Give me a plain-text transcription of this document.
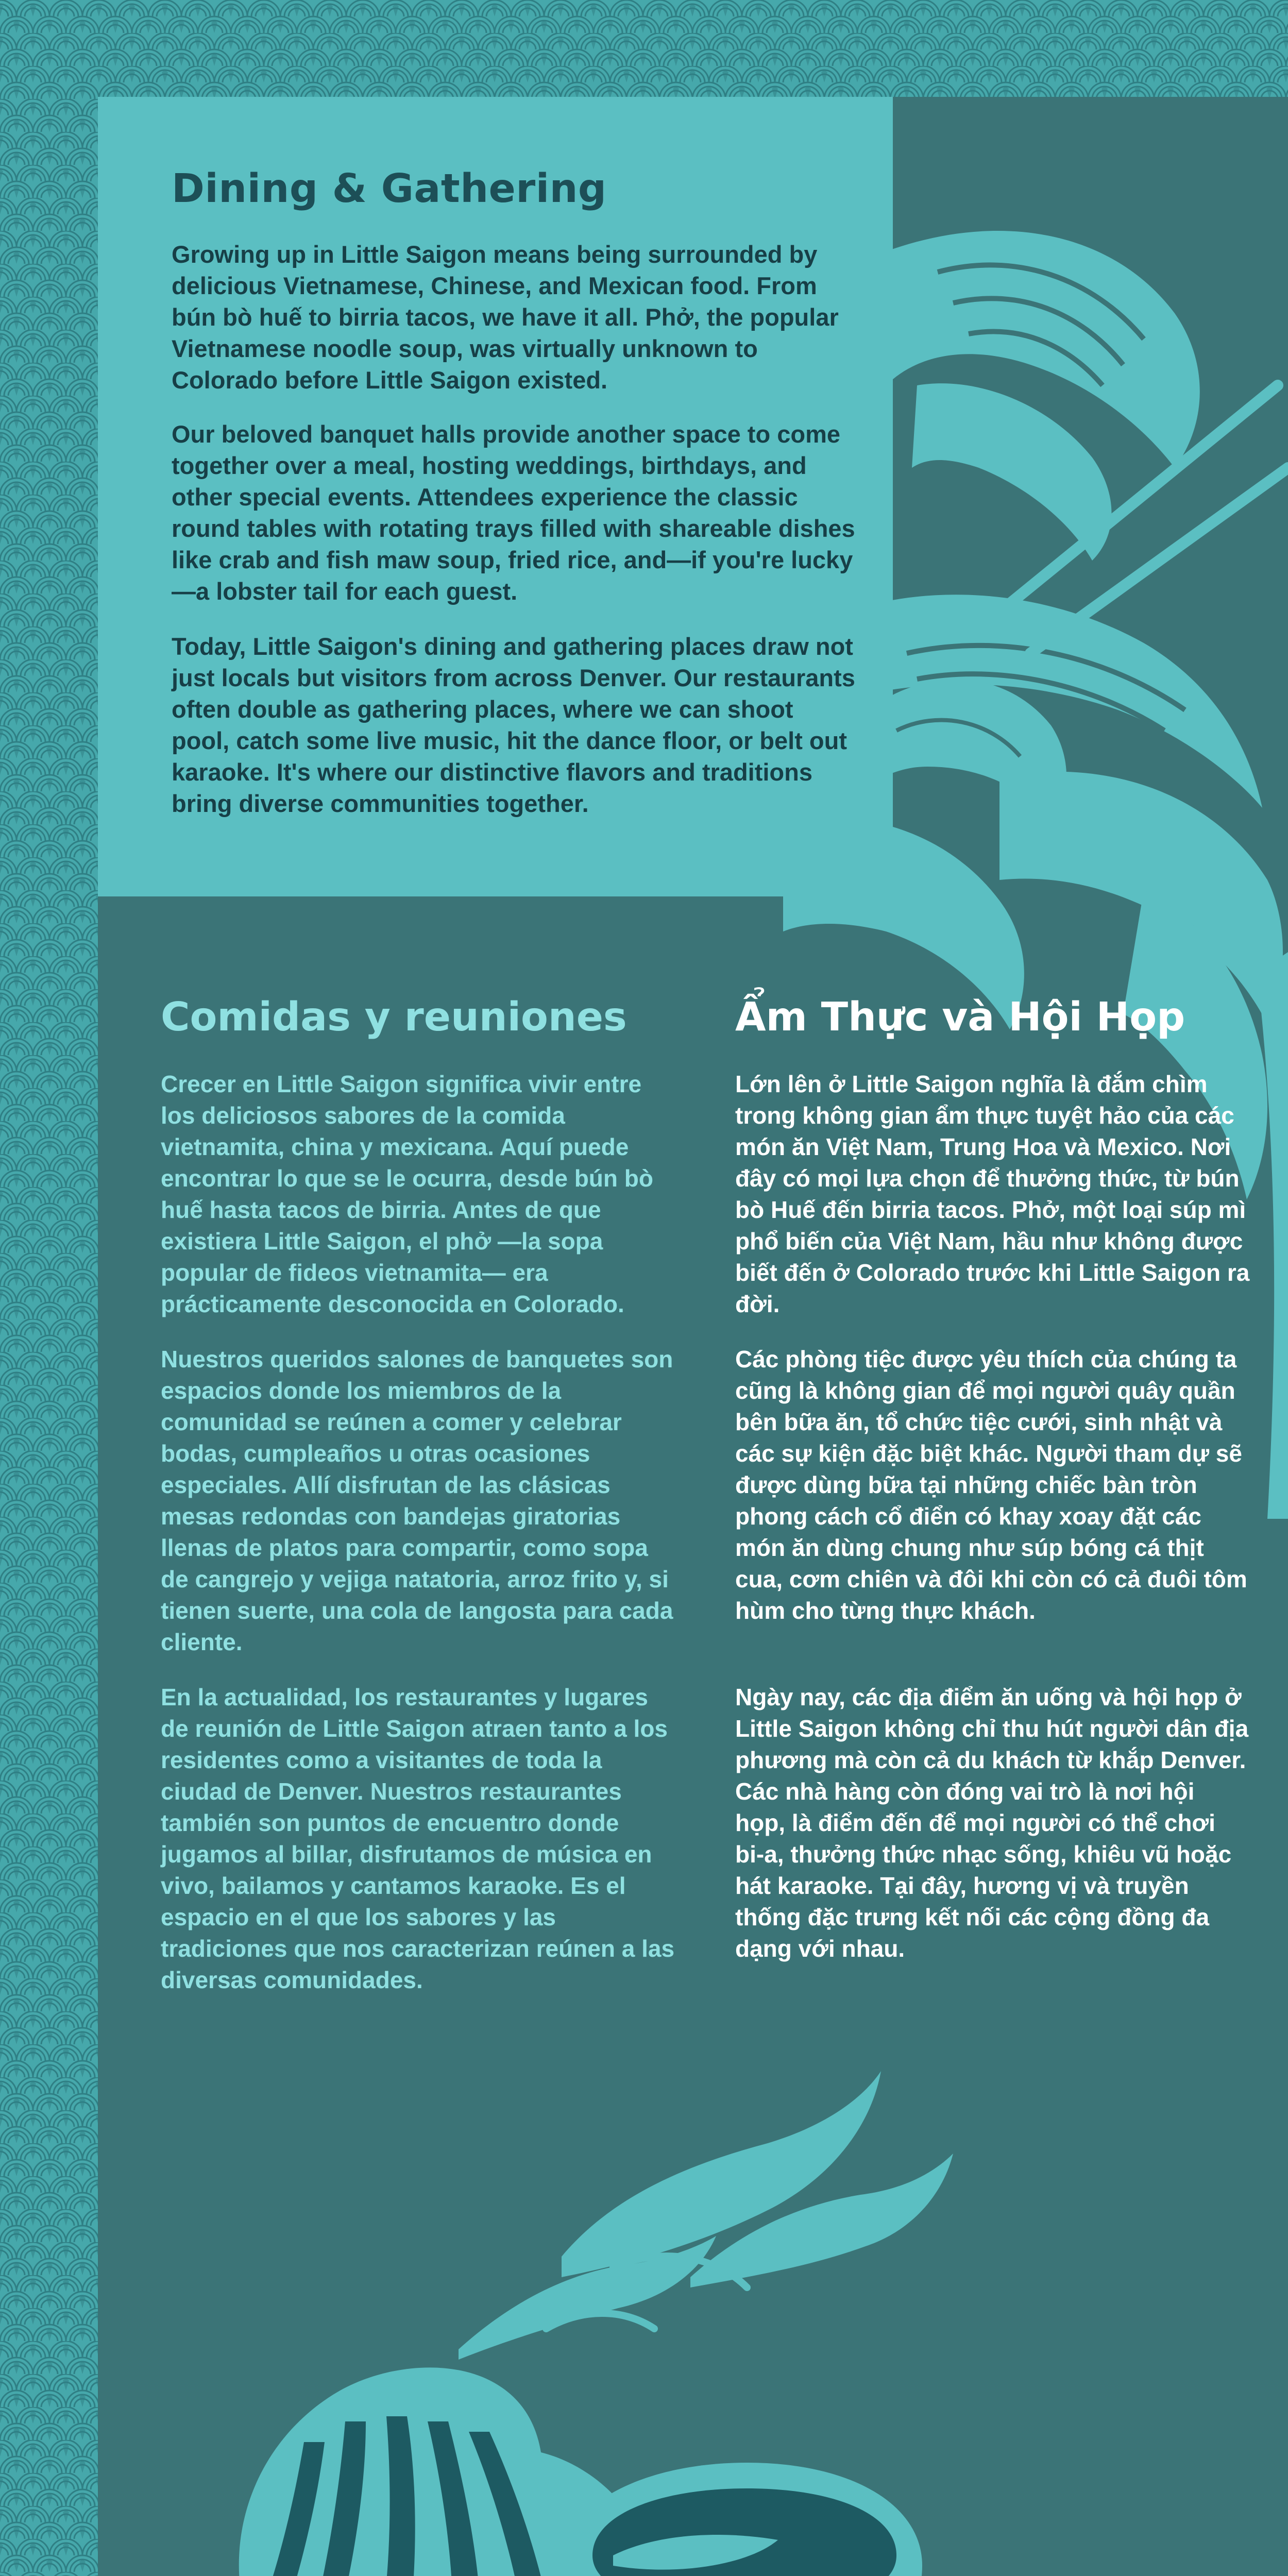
Dining & Gathering

Growing up in Little Saigon means being surrounded by delicious Vietnamese, Chinese, and Mexican food. From bún bò huế to birria tacos, we have it all. Phở, the popular Vietnamese noodle soup, was virtually unknown to Colorado before Little Saigon existed.

Our beloved banquet halls provide another space to come together over a meal, hosting weddings, birthdays, and other special events. Attendees experience the classic round tables with rotating trays filled with shareable dishes like crab and fish maw soup, fried rice, and—if you're lucky—a lobster tail for each guest.

Today, Little Saigon's dining and gathering places draw not just locals but visitors from across Denver. Our restaurants often double as gathering places, where we can shoot pool, catch some live music, hit the dance floor, or belt out karaoke. It's where our distinctive flavors and traditions bring diverse communities together.

Comidas y reuniones

Crecer en Little Saigon significa vivir entre los deliciosos sabores de la comida vietnamita, china y mexicana. Aquí puede encontrar lo que se le ocurra, desde bún bò huế hasta tacos de birria. Antes de que existiera Little Saigon, el phở —la sopa popular de fideos vietnamita— era prácticamente desconocida en Colorado.

Nuestros queridos salones de banquetes son espacios donde los miembros de la comunidad se reúnen a comer y celebrar bodas, cumpleaños u otras ocasiones especiales. Allí disfrutan de las clásicas mesas redondas con bandejas giratorias llenas de platos para compartir, como sopa de cangrejo y vejiga natatoria, arroz frito y, si tienen suerte, una cola de langosta para cada cliente.

En la actualidad, los restaurantes y lugares de reunión de Little Saigon atraen tanto a los residentes como a visitantes de toda la ciudad de Denver. Nuestros restaurantes también son puntos de encuentro donde jugamos al billar, disfrutamos de música en vivo, bailamos y cantamos karaoke. Es el espacio en el que los sabores y las tradiciones que nos caracterizan reúnen a las diversas comunidades.

Ẩm Thực và Hội Họp

Lớn lên ở Little Saigon nghĩa là đắm chìm trong không gian ẩm thực tuyệt hảo của các món ăn Việt Nam, Trung Hoa và Mexico. Nơi đây có mọi lựa chọn để thưởng thức, từ bún bò Huế đến birria tacos. Phở, một loại súp mì phổ biến của Việt Nam, hầu như không được biết đến ở Colorado trước khi Little Saigon ra đời.

Các phòng tiệc được yêu thích của chúng ta cũng là không gian để mọi người quây quần bên bữa ăn, tổ chức tiệc cưới, sinh nhật và các sự kiện đặc biệt khác. Người tham dự sẽ được dùng bữa tại những chiếc bàn tròn phong cách cổ điển có khay xoay đặt các món ăn dùng chung như súp bóng cá thịt cua, cơm chiên và đôi khi còn có cả đuôi tôm hùm cho từng thực khách.

Ngày nay, các địa điểm ăn uống và hội họp ở Little Saigon không chỉ thu hút người dân địa phương mà còn cả du khách từ khắp Denver. Các nhà hàng còn đóng vai trò là nơi hội họp, là điểm đến để mọi người có thể chơi bi-a, thưởng thức nhạc sống, khiêu vũ hoặc hát karaoke. Tại đây, hương vị và truyền thống đặc trưng kết nối các cộng đồng đa dạng với nhau.
